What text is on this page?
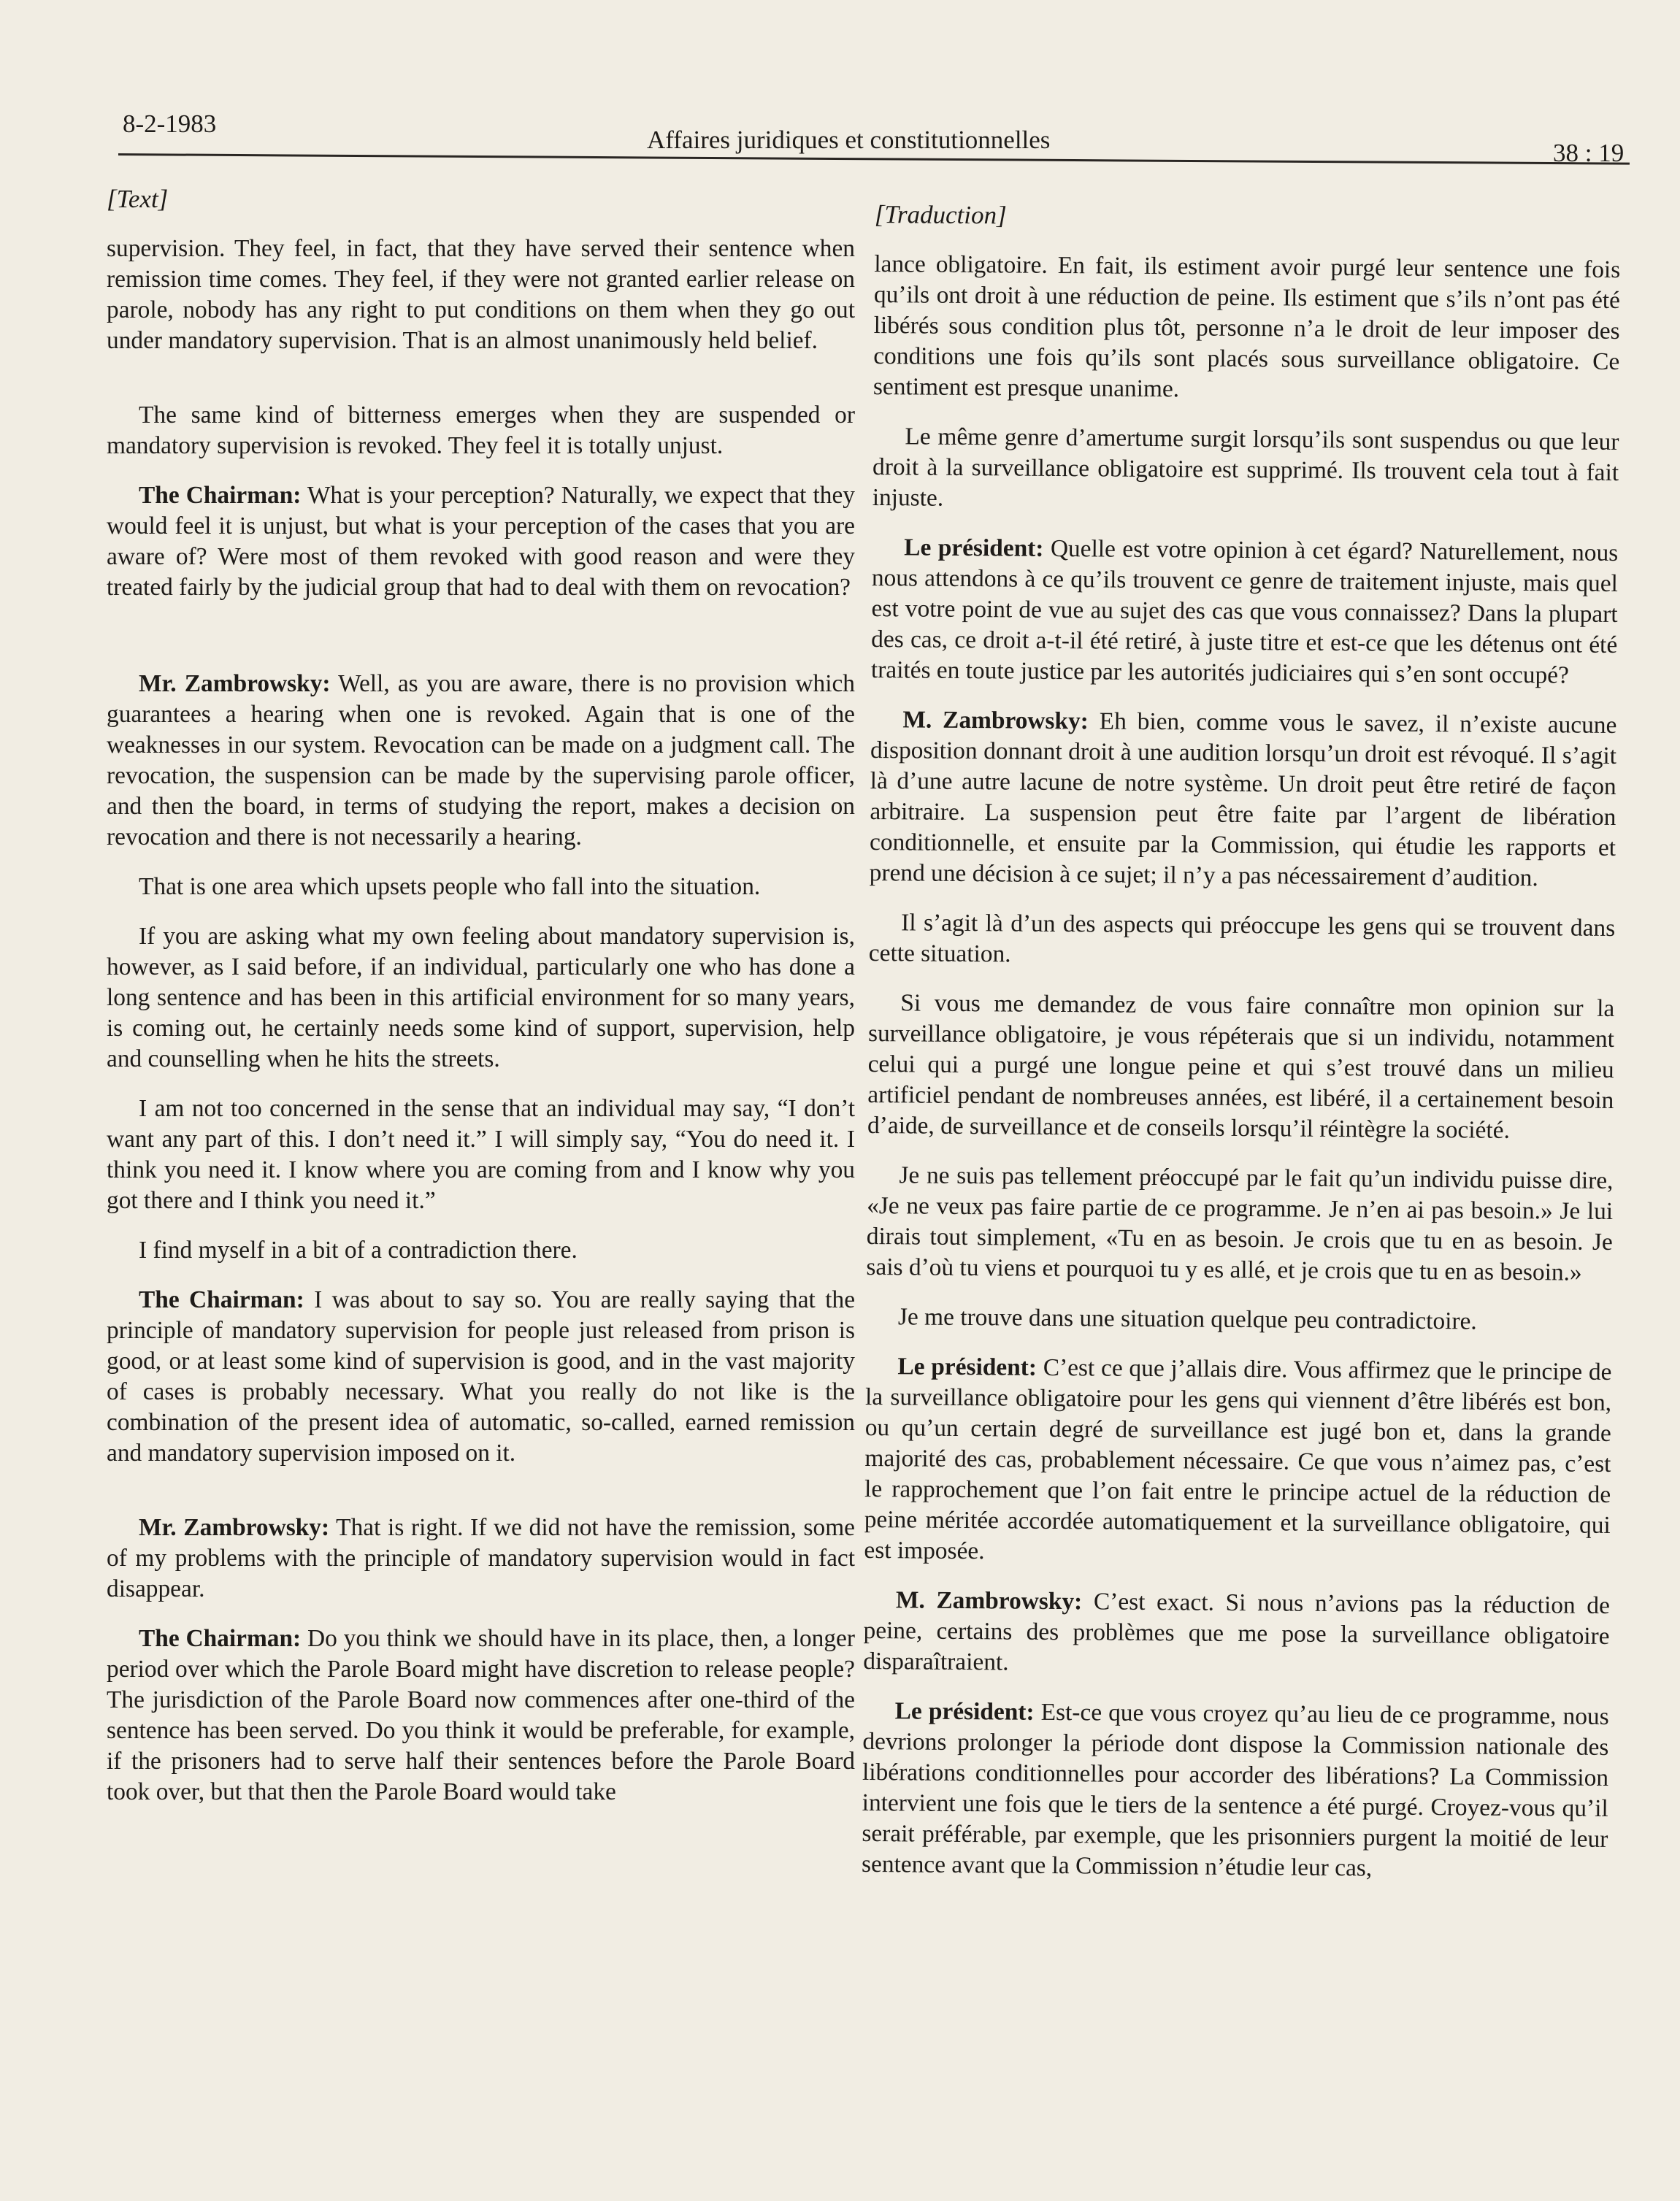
8-2-1983
Affaires juridiques et constitutionnelles	38 : 19

[Text]

supervision. They feel, in fact, that they have served their sentence when remission time comes. They feel, if they were not granted earlier release on parole, nobody has any right to put conditions on them when they go out under mandatory supervision. That is an almost unanimously held belief.

The same kind of bitterness emerges when they are suspended or mandatory supervision is revoked. They feel it is totally unjust.

The Chairman: What is your perception? Naturally, we expect that they would feel it is unjust, but what is your perception of the cases that you are aware of? Were most of them revoked with good reason and were they treated fairly by the judicial group that had to deal with them on revocation?

Mr. Zambrowsky: Well, as you are aware, there is no provision which guarantees a hearing when one is revoked. Again that is one of the weaknesses in our system. Revocation can be made on a judgment call. The revocation, the suspension can be made by the supervising parole officer, and then the board, in terms of studying the report, makes a decision on revocation and there is not necessarily a hearing.

That is one area which upsets people who fall into the situation.

If you are asking what my own feeling about mandatory supervision is, however, as I said before, if an individual, particularly one who has done a long sentence and has been in this artificial environment for so many years, is coming out, he certainly needs some kind of support, supervision, help and counselling when he hits the streets.

I am not too concerned in the sense that an individual may say, “I don’t want any part of this. I don’t need it.” I will simply say, “You do need it. I think you need it. I know where you are coming from and I know why you got there and I think you need it.”

I find myself in a bit of a contradiction there.

The Chairman: I was about to say so. You are really saying that the principle of mandatory supervision for people just released from prison is good, or at least some kind of supervision is good, and in the vast majority of cases is probably necessary. What you really do not like is the combination of the present idea of automatic, so-called, earned remission and mandatory supervision imposed on it.

Mr. Zambrowsky: That is right. If we did not have the remission, some of my problems with the principle of mandatory supervision would in fact disappear.

The Chairman: Do you think we should have in its place, then, a longer period over which the Parole Board might have discretion to release people? The jurisdiction of the Parole Board now commences after one-third of the sentence has been served. Do you think it would be preferable, for example, if the prisoners had to serve half their sentences before the Parole Board took over, but that then the Parole Board would take

[Traduction]

lance obligatoire. En fait, ils estiment avoir purgé leur sentence une fois qu’ils ont droit à une réduction de peine. Ils estiment que s’ils n’ont pas été libérés sous condition plus tôt, personne n’a le droit de leur imposer des conditions une fois qu’ils sont placés sous surveillance obligatoire. Ce sentiment est presque unanime.

Le même genre d’amertume surgit lorsqu’ils sont suspendus ou que leur droit à la surveillance obligatoire est supprimé. Ils trouvent cela tout à fait injuste.

Le président: Quelle est votre opinion à cet égard? Naturellement, nous nous attendons à ce qu’ils trouvent ce genre de traitement injuste, mais quel est votre point de vue au sujet des cas que vous connaissez? Dans la plupart des cas, ce droit a-t-il été retiré, à juste titre et est-ce que les détenus ont été traités en toute justice par les autorités judiciaires qui s’en sont occupé?

M. Zambrowsky: Eh bien, comme vous le savez, il n’existe aucune disposition donnant droit à une audition lorsqu’un droit est révoqué. Il s’agit là d’une autre lacune de notre système. Un droit peut être retiré de façon arbitraire. La suspension peut être faite par l’argent de libération conditionnelle, et ensuite par la Commission, qui étudie les rapports et prend une décision à ce sujet; il n’y a pas nécessairement d’audition.

Il s’agit là d’un des aspects qui préoccupe les gens qui se trouvent dans cette situation.

Si vous me demandez de vous faire connaître mon opinion sur la surveillance obligatoire, je vous répéterais que si un individu, notamment celui qui a purgé une longue peine et qui s’est trouvé dans un milieu artificiel pendant de nombreuses années, est libéré, il a certainement besoin d’aide, de surveillance et de conseils lorsqu’il réintègre la société.

Je ne suis pas tellement préoccupé par le fait qu’un individu puisse dire, «Je ne veux pas faire partie de ce programme. Je n’en ai pas besoin.» Je lui dirais tout simplement, «Tu en as besoin. Je crois que tu en as besoin. Je sais d’où tu viens et pourquoi tu y es allé, et je crois que tu en as besoin.»

Je me trouve dans une situation quelque peu contradictoire.

Le président: C’est ce que j’allais dire. Vous affirmez que le principe de la surveillance obligatoire pour les gens qui viennent d’être libérés est bon, ou qu’un certain degré de surveillance est jugé bon et, dans la grande majorité des cas, probablement nécessaire. Ce que vous n’aimez pas, c’est le rapprochement que l’on fait entre le principe actuel de la réduction de peine méritée accordée automatiquement et la surveillance obligatoire, qui est imposée.

M. Zambrowsky: C’est exact. Si nous n’avions pas la réduction de peine, certains des problèmes que me pose la surveillance obligatoire disparaîtraient.

Le président: Est-ce que vous croyez qu’au lieu de ce programme, nous devrions prolonger la période dont dispose la Commission nationale des libérations conditionnelles pour accorder des libérations? La Commission intervient une fois que le tiers de la sentence a été purgé. Croyez-vous qu’il serait préférable, par exemple, que les prisonniers purgent la moitié de leur sentence avant que la Commission n’étudie leur cas,
